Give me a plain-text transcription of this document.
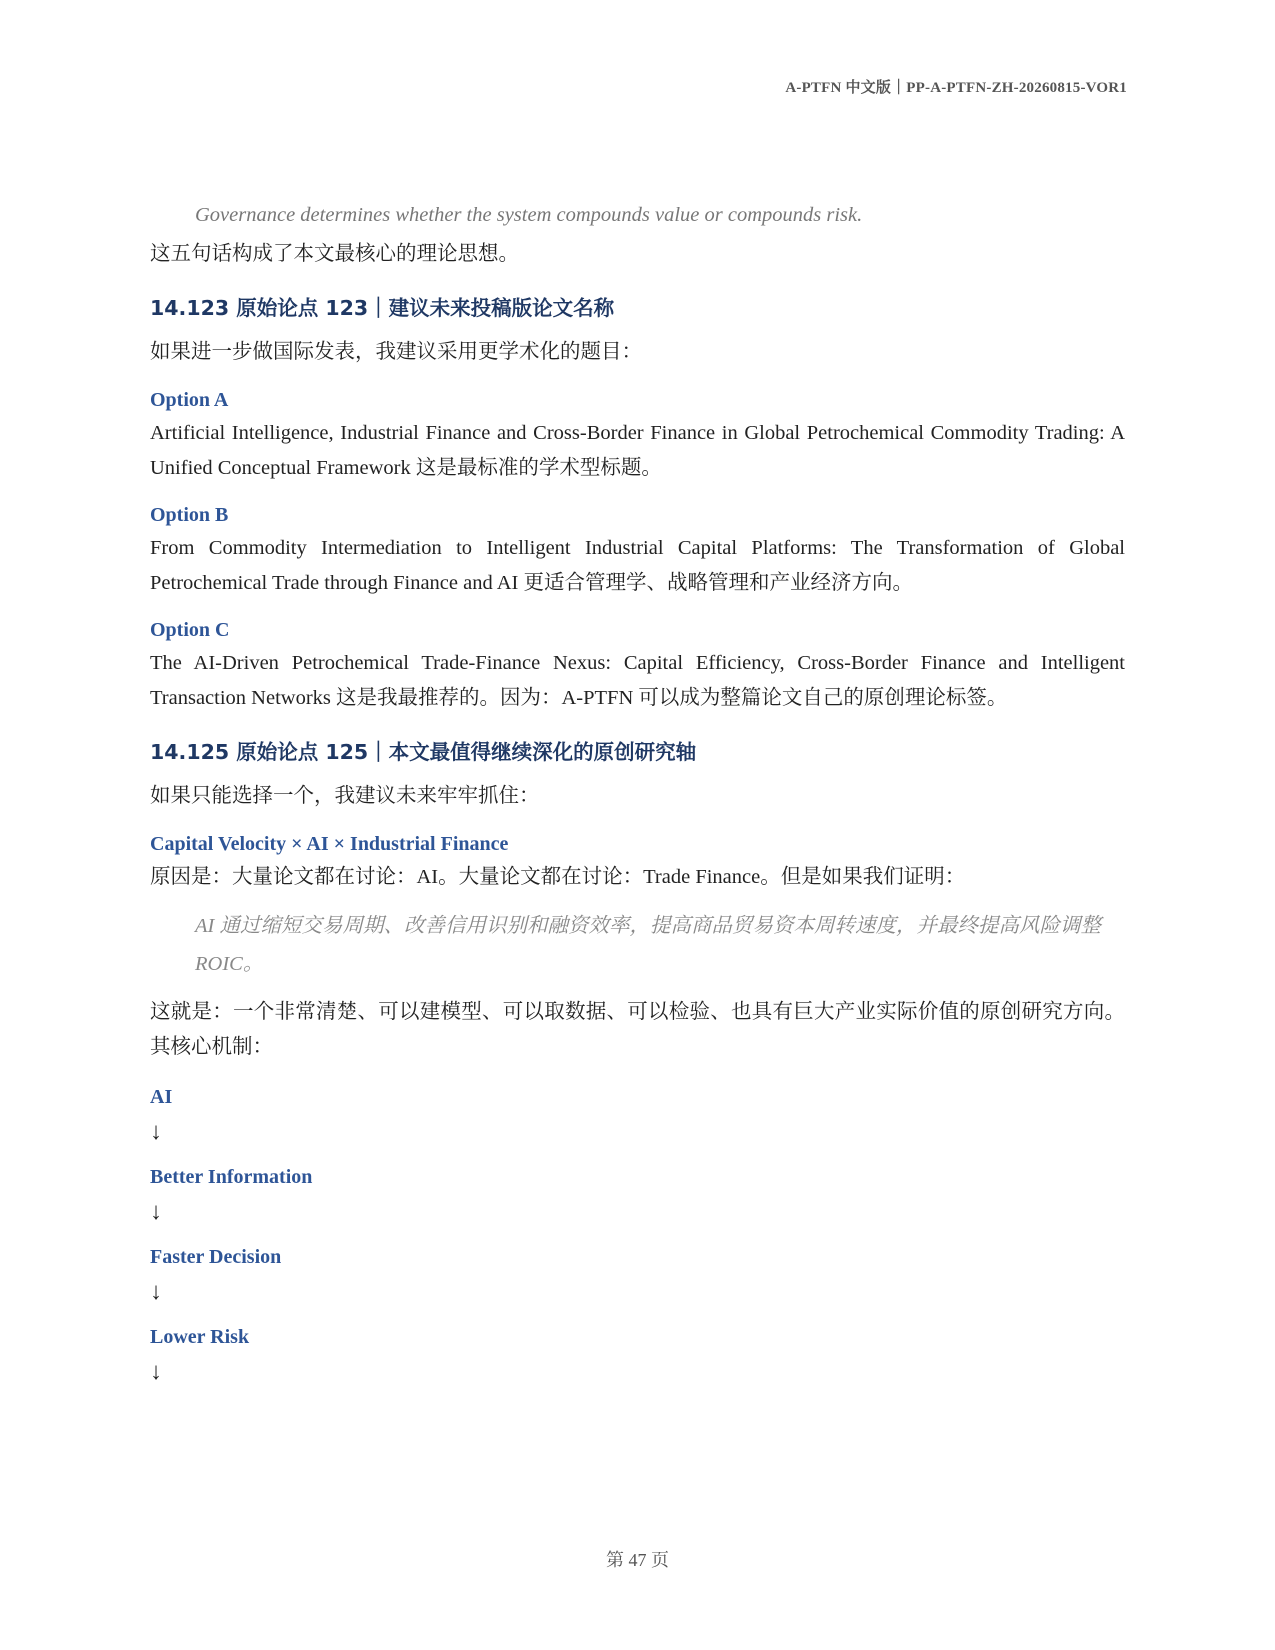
A-PTFN 中文版｜PP-A-PTFN-ZH-20260815-VOR1

Governance determines whether the system compounds value or compounds risk.

这五句话构成了本文最核心的理论思想。

14.123 原始论点 123｜建议未来投稿版论文名称

如果进一步做国际发表，我建议采用更学术化的题目：

Option A

Artificial Intelligence, Industrial Finance and Cross-Border Finance in Global Petrochemical Commodity Trading: A Unified Conceptual Framework 这是最标准的学术型标题。

Option B

From Commodity Intermediation to Intelligent Industrial Capital Platforms: The Transformation of Global Petrochemical Trade through Finance and AI 更适合管理学、战略管理和产业经济方向。

Option C

The AI-Driven Petrochemical Trade-Finance Nexus: Capital Efficiency, Cross-Border Finance and Intelligent Transaction Networks 这是我最推荐的。因为：A-PTFN 可以成为整篇论文自己的原创理论标签。

14.125 原始论点 125｜本文最值得继续深化的原创研究轴

如果只能选择一个，我建议未来牢牢抓住：

Capital Velocity × AI × Industrial Finance

原因是：大量论文都在讨论：AI。大量论文都在讨论：Trade Finance。但是如果我们证明：

AI 通过缩短交易周期、改善信用识别和融资效率，提高商品贸易资本周转速度，并最终提高风险调整 ROIC。

这就是：一个非常清楚、可以建模型、可以取数据、可以检验、也具有巨大产业实际价值的原创研究方向。其核心机制：

AI
↓
Better Information
↓
Faster Decision
↓
Lower Risk
↓
第 47 页
